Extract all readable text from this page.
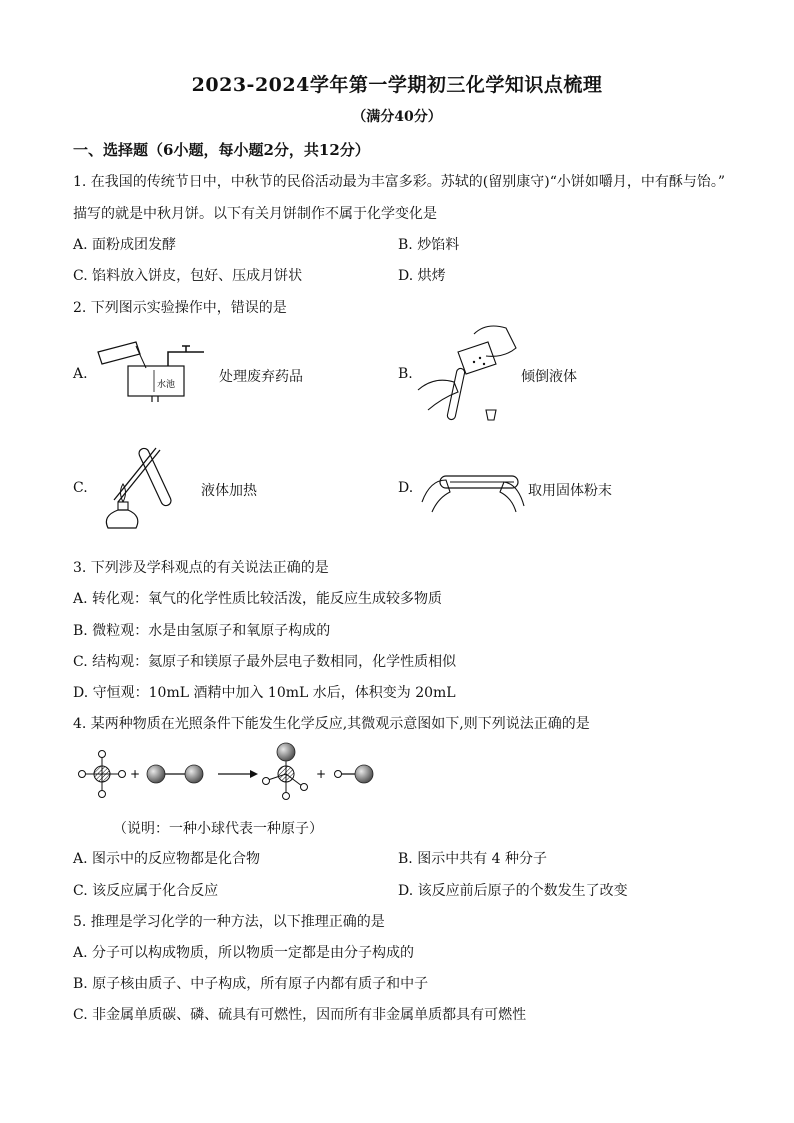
2023-2024学年第一学期初三化学知识点梳理
（满分40分）
一、选择题（6小题，每小题2分，共12分）
1. 在我国的传统节日中，中秋节的民俗活动最为丰富多彩。苏轼的(留别康守)“小饼如嚼月，中有酥与饴。”
描写的就是中秋月饼。以下有关月饼制作不属于化学变化是
A. 面粉成团发酵	B. 炒馅料
C. 馅料放入饼皮，包好、压成月饼状	D. 烘烤
2. 下列图示实验操作中，错误的是
A.
水池	处理废弃药品	B.	倾倒液体
C.	液体加热	D.	取用固体粉末
3. 下列涉及学科观点的有关说法正确的是
A. 转化观：氧气的化学性质比较活泼，能反应生成较多物质
B. 微粒观：水是由氢原子和氧原子构成的
C. 结构观：氦原子和镁原子最外层电子数相同，化学性质相似
D. 守恒观：10mL 酒精中加入 10mL 水后，体积变为 20mL
4. 某两种物质在光照条件下能发生化学反应,其微观示意图如下,则下列说法正确的是
+	+
（说明：一种小球代表一种原子）
A. 图示中的反应物都是化合物	B. 图示中共有 4 种分子
C. 该反应属于化合反应	D. 该反应前后原子的个数发生了改变
5. 推理是学习化学的一种方法，以下推理正确的是
A. 分子可以构成物质，所以物质一定都是由分子构成的
B. 原子核由质子、中子构成，所有原子内都有质子和中子
C. 非金属单质碳、磷、硫具有可燃性，因而所有非金属单质都具有可燃性
